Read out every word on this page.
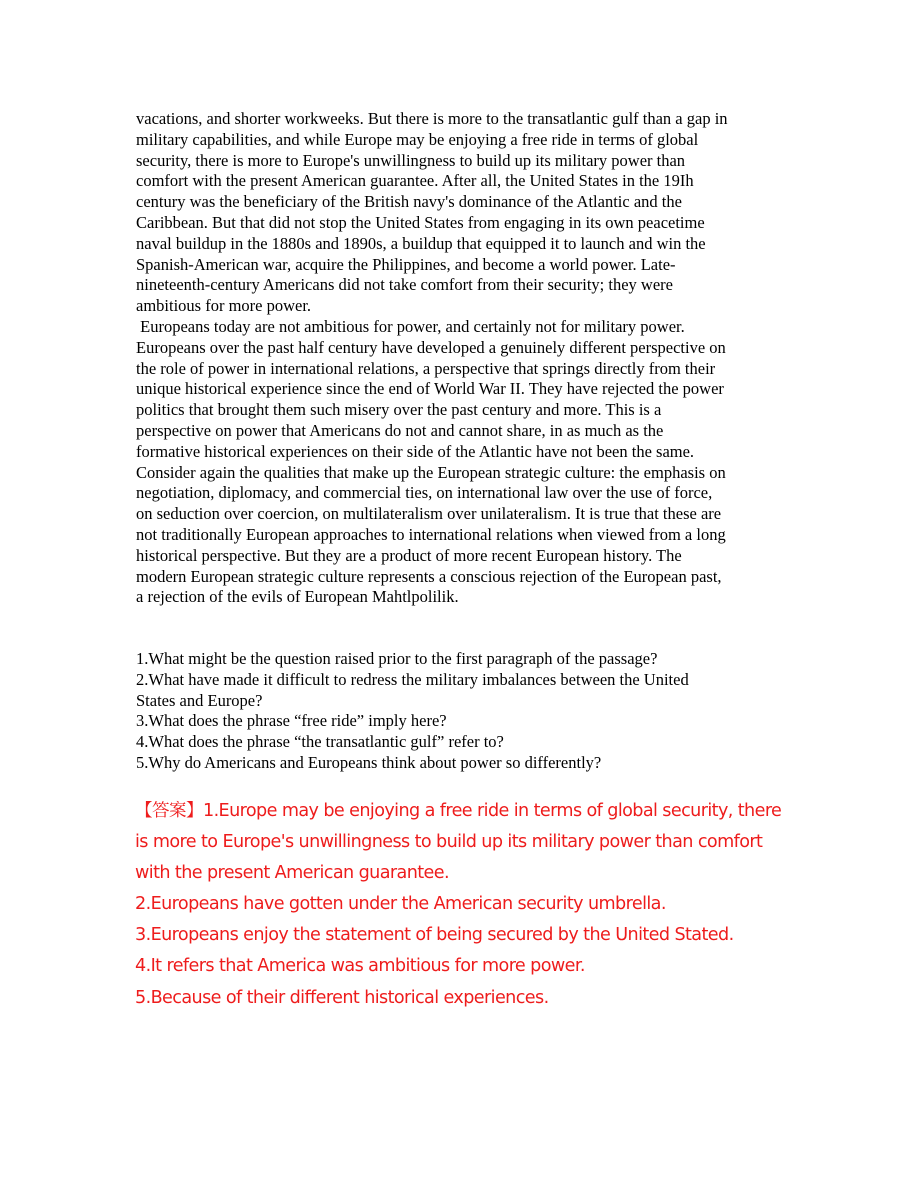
vacations, and shorter workweeks. But there is more to the transatlantic gulf than a gap in
military capabilities, and while Europe may be enjoying a free ride in terms of global
security, there is more to Europe's unwillingness to build up its military power than
comfort with the present American guarantee. After all, the United States in the 19Ih
century was the beneficiary of the British navy's dominance of the Atlantic and the
Caribbean. But that did not stop the United States from engaging in its own peacetime
naval buildup in the 1880s and 1890s, a buildup that equipped it to launch and win the
Spanish-American war, acquire the Philippines, and become a world power. Late-
nineteenth-century Americans did not take comfort from their security; they were
ambitious for more power.
Europeans today are not ambitious for power, and certainly not for military power.
Europeans over the past half century have developed a genuinely different perspective on
the role of power in international relations, a perspective that springs directly from their
unique historical experience since the end of World War II. They have rejected the power
politics that brought them such misery over the past century and more. This is a
perspective on power that Americans do not and cannot share, in as much as the
formative historical experiences on their side of the Atlantic have not been the same.
Consider again the qualities that make up the European strategic culture: the emphasis on
negotiation, diplomacy, and commercial ties, on international law over the use of force,
on seduction over coercion, on multilateralism over unilateralism. It is true that these are
not traditionally European approaches to international relations when viewed from a long
historical perspective. But they are a product of more recent European history. The
modern European strategic culture represents a conscious rejection of the European past,
a rejection of the evils of European Mahtlpolilik.
1.What might be the question raised prior to the first paragraph of the passage?
2.What have made it difficult to redress the military imbalances between the United
States and Europe?
3.What does the phrase “free ride” imply here?
4.What does the phrase “the transatlantic gulf” refer to?
5.Why do Americans and Europeans think about power so differently?
【答案】1.Europe may be enjoying a free ride in terms of global security, there
is more to Europe's unwillingness to build up its military power than comfort
with the present American guarantee.
2.Europeans have gotten under the American security umbrella.
3.Europeans enjoy the statement of being secured by the United Stated.
4.It refers that America was ambitious for more power.
5.Because of their different historical experiences.
